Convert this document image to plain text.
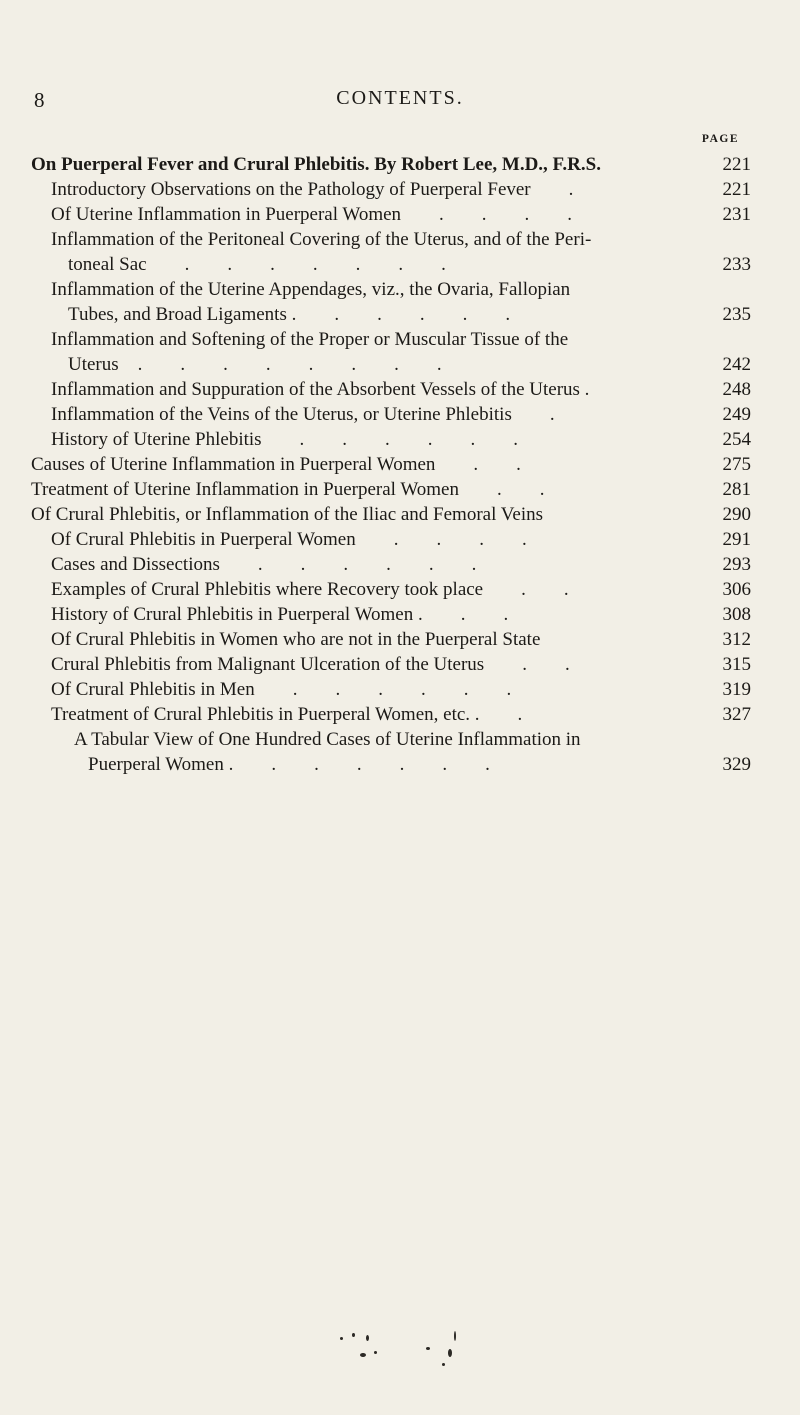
8	CONTENTS.
PAGE
On Puerperal Fever and Crural Phlebitis. By Robert Lee, M.D., F.R.S.	221
Introductory Observations on the Pathology of Puerperal Fever  .	221
Of Uterine Inflammation in Puerperal Women  .  .  .  .	231
Inflammation of the Peritoneal Covering of the Uterus, and of the Peri-
toneal Sac  .  .  .  .  .  .  .	233
Inflammation of the Uterine Appendages, viz., the Ovaria, Fallopian
Tubes, and Broad Ligaments .  .  .  .  .  .	235
Inflammation and Softening of the Proper or Muscular Tissue of the
Uterus .  .  .  .  .  .  .  .	242
Inflammation and Suppuration of the Absorbent Vessels of the Uterus .	248
Inflammation of the Veins of the Uterus, or Uterine Phlebitis  .	249
History of Uterine Phlebitis  .  .  .  .  .  .	254
Causes of Uterine Inflammation in Puerperal Women  .  .	275
Treatment of Uterine Inflammation in Puerperal Women  .  .	281
Of Crural Phlebitis, or Inflammation of the Iliac and Femoral Veins	290
Of Crural Phlebitis in Puerperal Women  .  .  .  .	291
Cases and Dissections  .  .  .  .  .  .	293
Examples of Crural Phlebitis where Recovery took place  .  .	306
History of Crural Phlebitis in Puerperal Women .  .  .	308
Of Crural Phlebitis in Women who are not in the Puerperal State	312
Crural Phlebitis from Malignant Ulceration of the Uterus  .  .	315
Of Crural Phlebitis in Men  .  .  .  .  .  .	319
Treatment of Crural Phlebitis in Puerperal Women, etc. .  .	327
A Tabular View of One Hundred Cases of Uterine Inflammation in
Puerperal Women .  .  .  .  .  .  .	329
